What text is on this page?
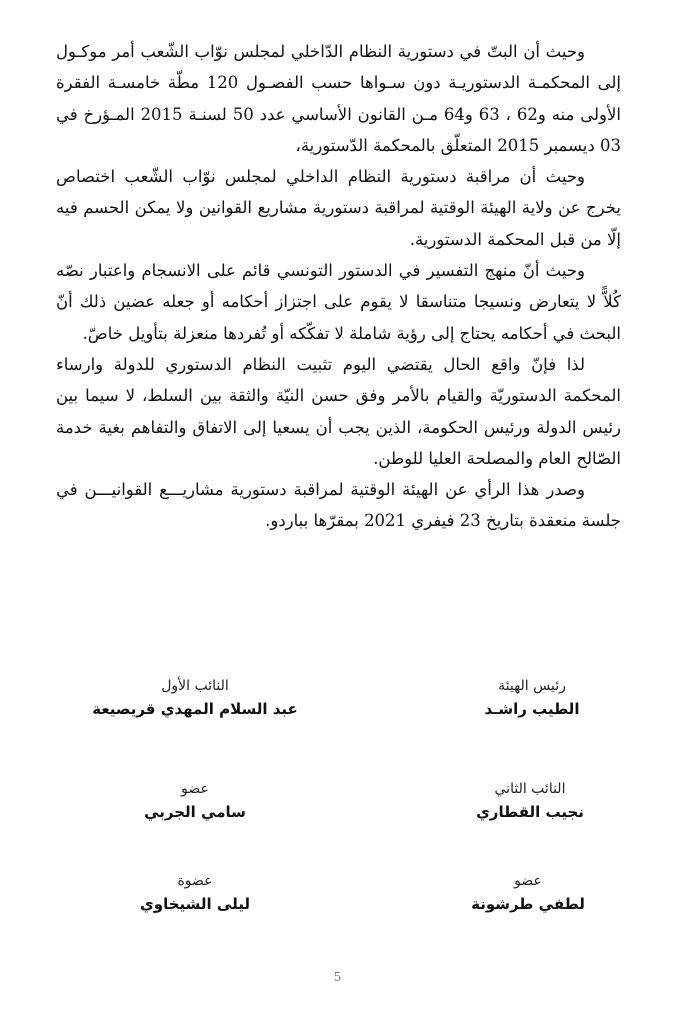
وحيث أن البتّ في دستورية النظام الدّاخلي لمجلس نوّاب الشّعب أمر موكـول إلى المحكمـة الدستوريـة دون سـواها حسب الفصـول 120 مطّة خامسـة الفقرة الأولى منه و62 ، 63 و64 مـن القانون الأساسي عدد 50 لسنـة 2015 المـؤرخ في 03 ديسمبر 2015 المتعلّق بالمحكمة الدّستورية،

وحيث أن مراقبة دستورية النظام الداخلي لمجلس نوّاب الشّعب اختصاص يخرج عن ولاية الهيئة الوقتية لمراقبة دستورية مشاريع القوانين ولا يمكن الحسم فيه إلّا من قبل المحكمة الدستورية.

وحيث أنّ منهج التفسير في الدستور التونسي قائم على الانسجام واعتبار نصّه كُلاًّ لا يتعارض ونسيجا متناسقا لا يقوم على اجتزاز أحكامه أو جعله عضين ذلك أنّ البحث في أحكامه يحتاج إلى رؤية شاملة لا تفكّكه أو تُفردها منعزلة بتأويل خاصّ.

لذا فإنّ واقع الحال يقتضي اليوم تثبيت النظام الدستوري للدولة وارساء المحكمة الدستوريّة والقيام بالأمر وفق حسن النيّة والثقة بين السلط، لا سيما بين رئيس الدولة ورئيس الحكومة، الذين يجب أن يسعيا إلى الاتفاق والتفاهم بغية خدمة الصّالح العام والمصلحة العليا للوطن.

وصدر هذا الرأي عن الهيئة الوقتية لمراقبة دستورية مشاريـــع القوانيـــن في جلسة منعقدة بتاريخ 23 فيفري 2021 بمقرّها بباردو.

رئيس الهيئة
الطيب راشـد
النائب الأول
عبد السلام المهدي قريصيعة
النائب الثاني
نجيب القطاري
عضو
سامي الجربي
عضو
لطفي طرشونة
عضوة
ليلى الشيخاوي
5
